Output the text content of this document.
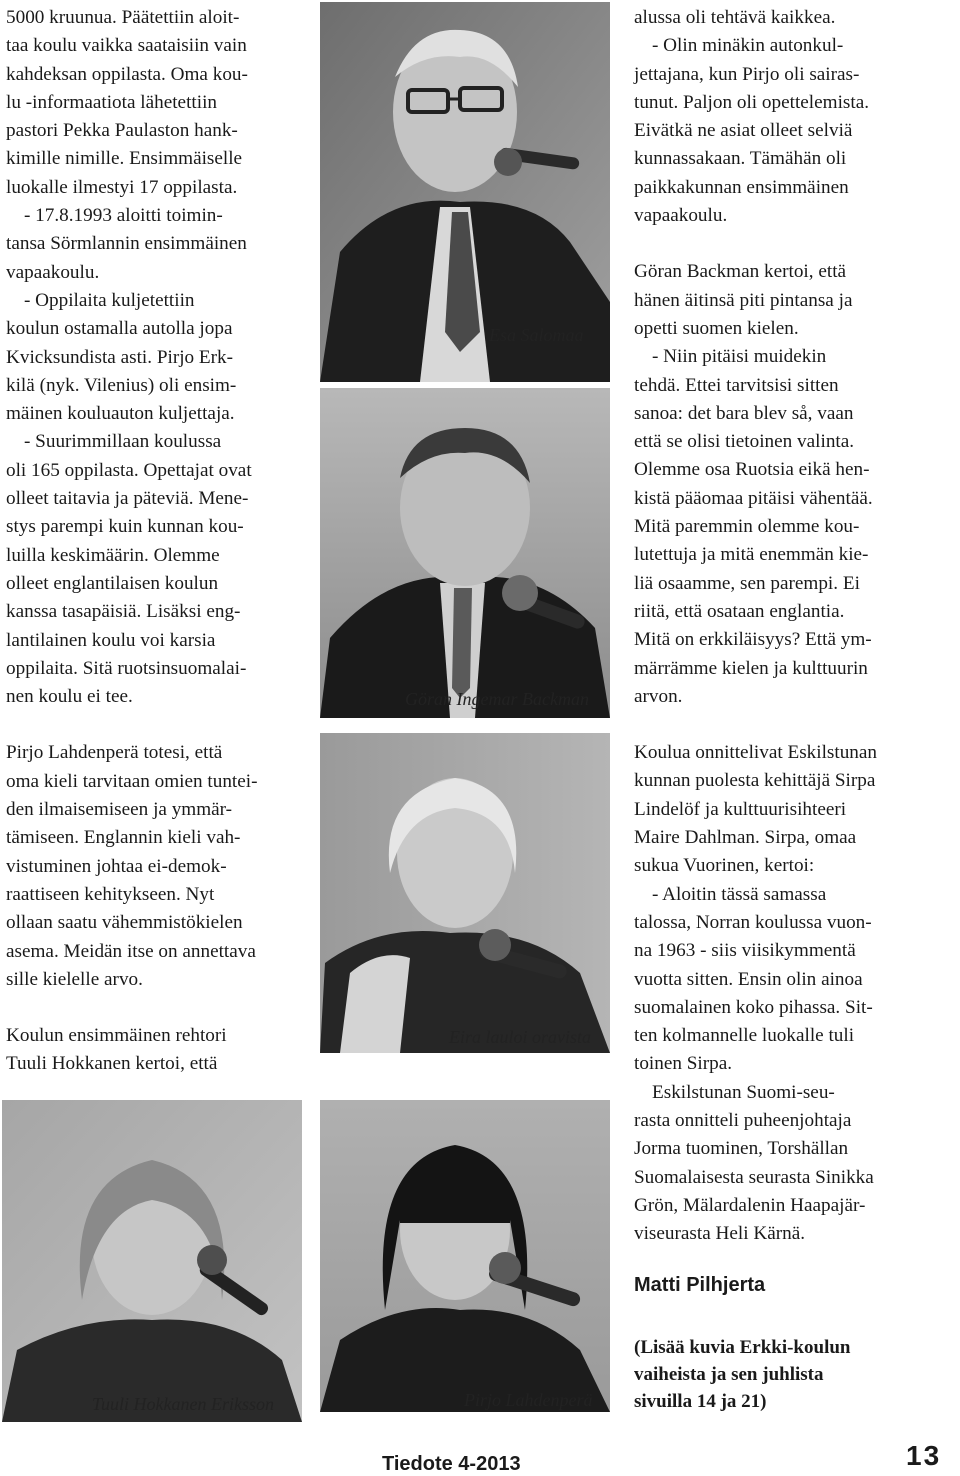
5000 kruunua. Päätettiin aloit-
taa koulu vaikka saataisiin vain
kahdeksan oppilasta. Oma kou-
lu -informaatiota lähetettiin
pastori Pekka Paulaston hank-
kimille nimille. Ensimmäiselle
luokalle ilmestyi 17 oppilasta.

- 17.8.1993 aloitti toimin-
tansa Sörmlannin ensimmäinen
vapaakoulu.

- Oppilaita kuljetettiin
koulun ostamalla autolla jopa
Kvicksundista asti. Pirjo Erk-
kilä (nyk. Vilenius) oli ensim-
mäinen kouluauton kuljettaja.

- Suurimmillaan koulussa
oli 165 oppilasta. Opettajat ovat
olleet taitavia ja päteviä. Mene-
stys parempi kuin kunnan kou-
luilla keskimäärin. Olemme
olleet englantilaisen koulun
kanssa tasapäisiä. Lisäksi eng-
lantilainen koulu voi karsia
oppilaita. Sitä ruotsinsuomalai-
nen koulu ei tee.

Pirjo Lahdenperä totesi, että
oma kieli tarvitaan omien tuntei-
den ilmaisemiseen ja ymmär-
tämiseen. Englannin kieli vah-
vistuminen johtaa ei-demok-
raattiseen kehitykseen. Nyt
ollaan saatu vähemmistökielen
asema. Meidän itse on annettava
sille kielelle arvo.

Koulun ensimmäinen rehtori
Tuuli Hokkanen kertoi, että

Esa Salomaa
Göran Ingemar Backman
Eira lauloi oravista
Tuuli Hokkanen Eriksson	Pirjo Lahdenperä

alussa oli tehtävä kaikkea.

- Olin minäkin autonkul-
jettajana, kun Pirjo oli sairas-
tunut. Paljon oli opettelemista.
Eivätkä ne asiat olleet selviä
kunnassakaan. Tämähän oli
paikkakunnan ensimmäinen
vapaakoulu.

Göran Backman kertoi, että
hänen äitinsä piti pintansa ja
opetti suomen kielen.

- Niin pitäisi muidekin
tehdä. Ettei tarvitsisi sitten
sanoa: det bara blev så, vaan
että se olisi tietoinen valinta.
Olemme osa Ruotsia eikä hen-
kistä pääomaa pitäisi vähentää.
Mitä paremmin olemme kou-
lutettuja ja mitä enemmän kie-
liä osaamme, sen parempi. Ei
riitä, että osataan englantia.
Mitä on erkkiläisyys? Että ym-
märrämme kielen ja kulttuurin
arvon.

Koulua onnittelivat Eskilstunan
kunnan puolesta kehittäjä Sirpa
Lindelöf ja kulttuurisihteeri
Maire Dahlman. Sirpa, omaa
sukua Vuorinen, kertoi:

- Aloitin tässä samassa
talossa, Norran koulussa vuon-
na 1963 - siis viisikymmentä
vuotta sitten. Ensin olin ainoa
suomalainen koko pihassa. Sit-
ten kolmannelle luokalle tuli
toinen Sirpa.

Eskilstunan Suomi-seu-
rasta onnitteli puheenjohtaja
Jorma tuominen, Torshällan
Suomalaisesta seurasta Sinikka
Grön, Mälardalenin Haapajär-
viseurasta Heli Kärnä.

Matti Pilhjerta
(Lisää kuvia Erkki-koulun
vaiheista ja sen juhlista
sivuilla 14 ja 21)
Tiedote 4-2013	13
